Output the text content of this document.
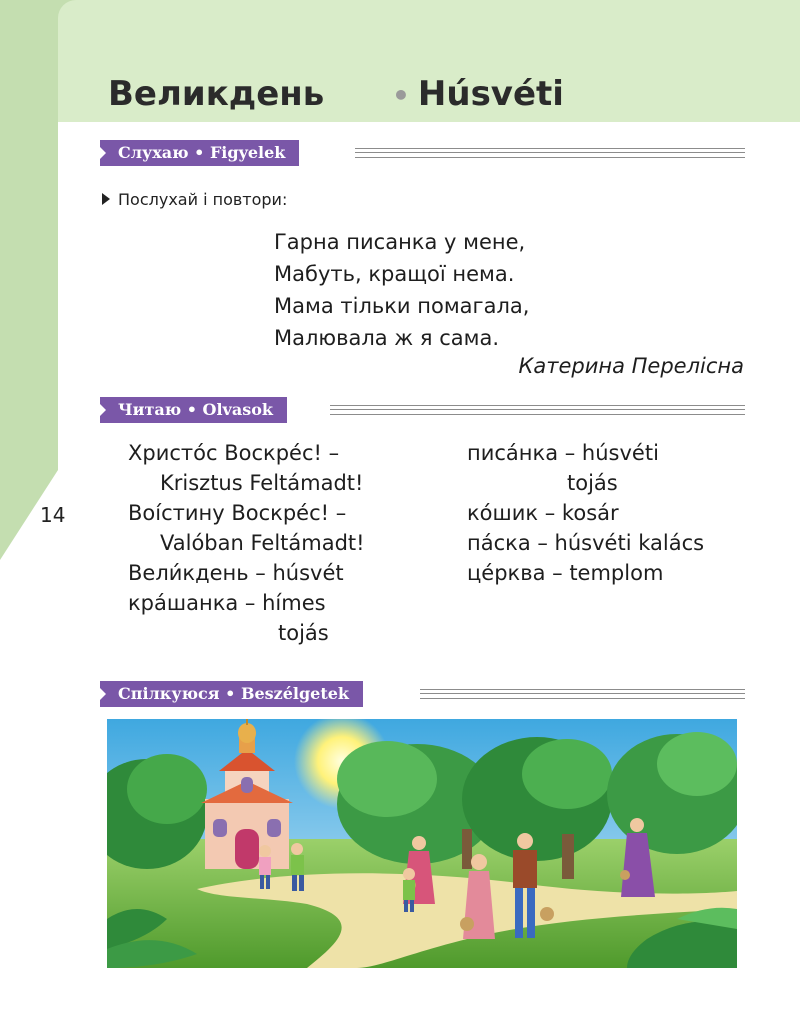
Великдень • Húsvéti
Слухаю • Figyelek
Послухай і повтори:
Гарна писанка у мене,
Мабуть, кращої нема.
Мама тільки помагала,
Малювала ж я сама.
Катерина Перелісна
Читаю • Olvasok
Христо́с Воскре́с! –
Krisztus Feltámadt!
Воі́стину Воскре́с! –
Valóban Feltámadt!
Вели́кдень – húsvét
кра́шанка – hímes
tojás
писа́нка – húsvéti
tojás
ко́шик – kosár
па́ска – húsvéti kalács
це́рква – templom
14
Спілкуюся • Beszélgetek
